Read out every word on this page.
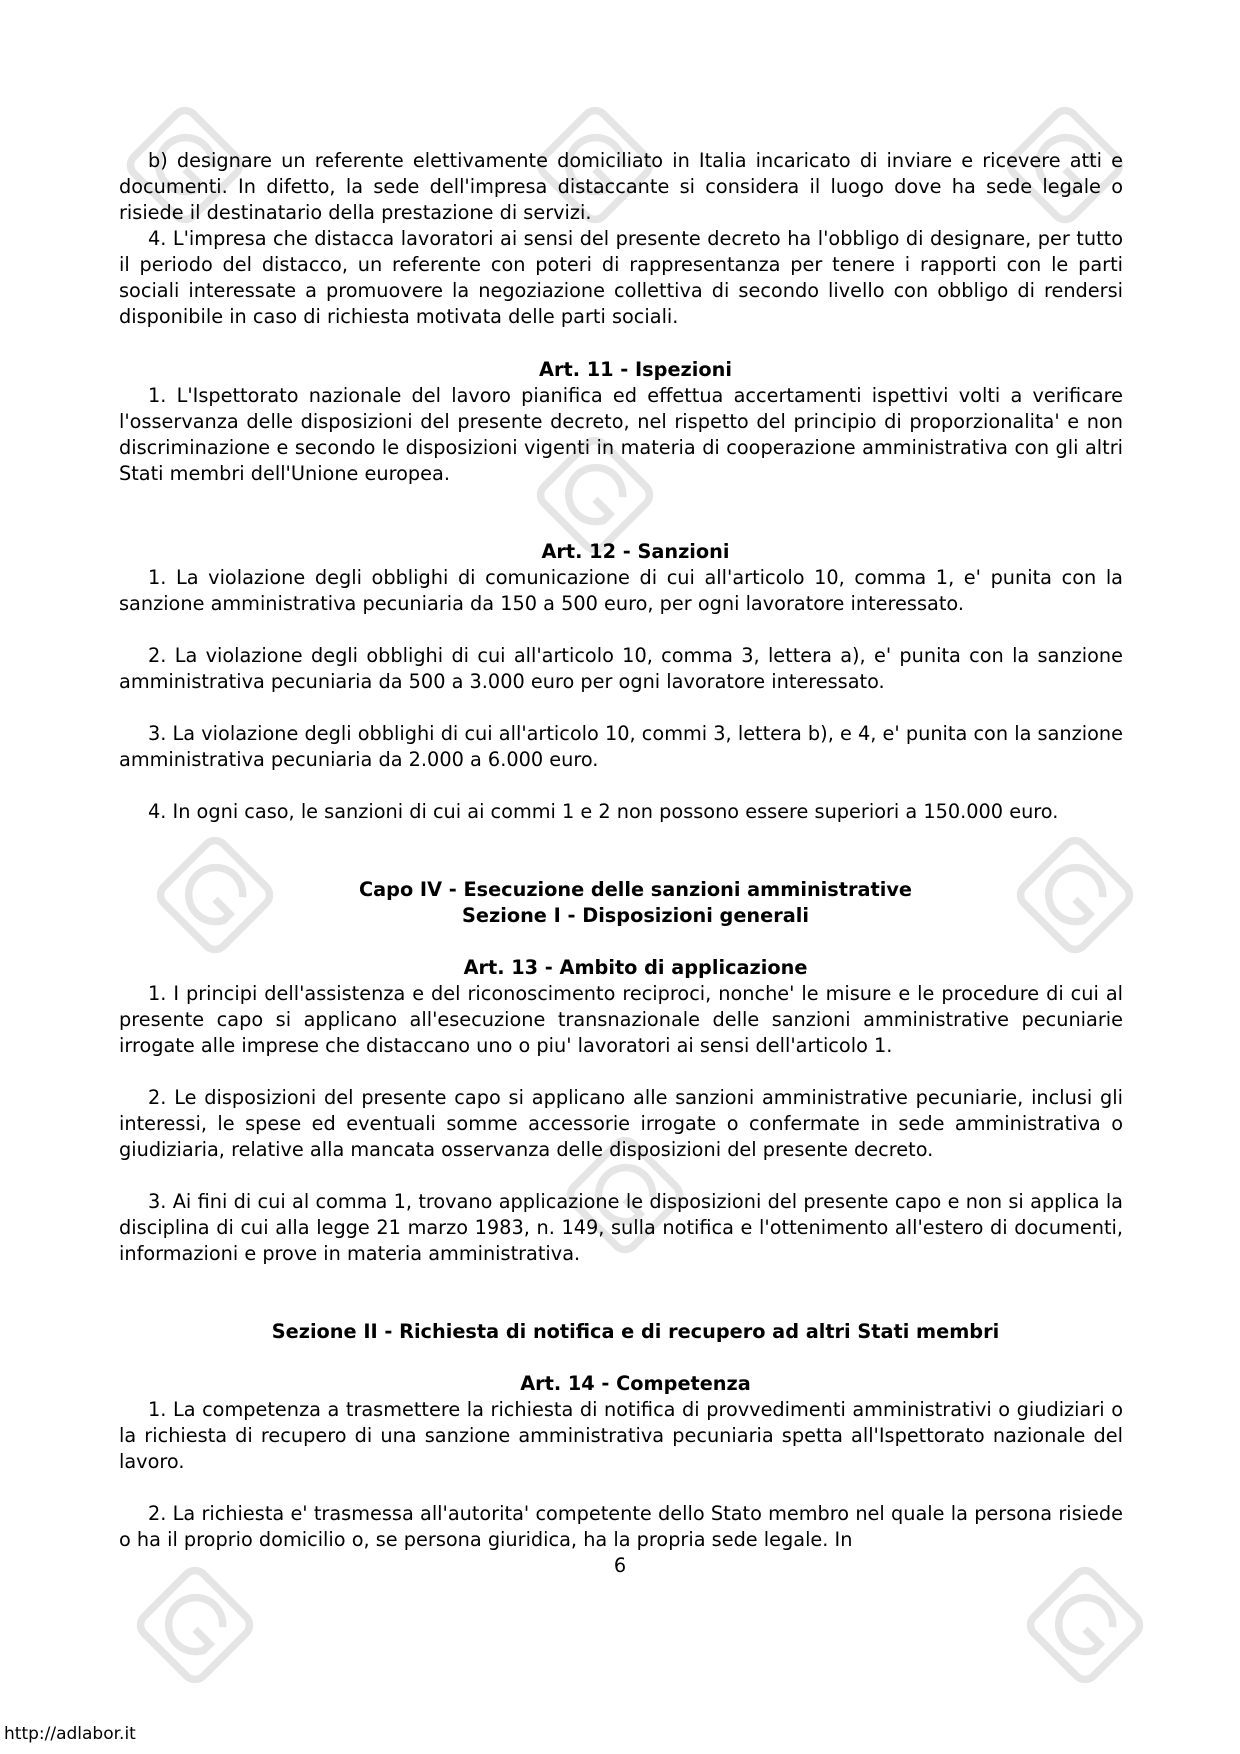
b) designare un referente elettivamente domiciliato in Italia incaricato di inviare e ricevere atti e documenti. In difetto, la sede dell'impresa distaccante si considera il luogo dove ha sede legale o risiede il destinatario della prestazione di servizi.

4. L'impresa che distacca lavoratori ai sensi del presente decreto ha l'obbligo di designare, per tutto il periodo del distacco, un referente con poteri di rappresentanza per tenere i rapporti con le parti sociali interessate a promuovere la negoziazione collettiva di secondo livello con obbligo di rendersi disponibile in caso di richiesta motivata delle parti sociali.

Art. 11 - Ispezioni

1. L'Ispettorato nazionale del lavoro pianifica ed effettua accertamenti ispettivi volti a verificare l'osservanza delle disposizioni del presente decreto, nel rispetto del principio di proporzionalita' e non discriminazione e secondo le disposizioni vigenti in materia di cooperazione amministrativa con gli altri Stati membri dell'Unione europea.

Art. 12 - Sanzioni

1. La violazione degli obblighi di comunicazione di cui all'articolo 10, comma 1, e' punita con la sanzione amministrativa pecuniaria da 150 a 500 euro, per ogni lavoratore interessato.

2. La violazione degli obblighi di cui all'articolo 10, comma 3, lettera a), e' punita con la sanzione amministrativa pecuniaria da 500 a 3.000 euro per ogni lavoratore interessato.

3. La violazione degli obblighi di cui all'articolo 10, commi 3, lettera b), e 4, e' punita con la sanzione amministrativa pecuniaria da 2.000 a 6.000 euro.

4. In ogni caso, le sanzioni di cui ai commi 1 e 2 non possono essere superiori a 150.000 euro.

Capo IV - Esecuzione delle sanzioni amministrative

Sezione I - Disposizioni generali

Art. 13 - Ambito di applicazione

1. I principi dell'assistenza e del riconoscimento reciproci, nonche' le misure e le procedure di cui al presente capo si applicano all'esecuzione transnazionale delle sanzioni amministrative pecuniarie irrogate alle imprese che distaccano uno o piu' lavoratori ai sensi dell'articolo 1.

2. Le disposizioni del presente capo si applicano alle sanzioni amministrative pecuniarie, inclusi gli interessi, le spese ed eventuali somme accessorie irrogate o confermate in sede amministrativa o giudiziaria, relative alla mancata osservanza delle disposizioni del presente decreto.

3. Ai fini di cui al comma 1, trovano applicazione le disposizioni del presente capo e non si applica la disciplina di cui alla legge 21 marzo 1983, n. 149, sulla notifica e l'ottenimento all'estero di documenti, informazioni e prove in materia amministrativa.

Sezione II - Richiesta di notifica e di recupero ad altri Stati membri

Art. 14 - Competenza

1. La competenza a trasmettere la richiesta di notifica di provvedimenti amministrativi o giudiziari o la richiesta di recupero di una sanzione amministrativa pecuniaria spetta all'Ispettorato nazionale del lavoro.

2. La richiesta e' trasmessa all'autorita' competente dello Stato membro nel quale la persona risiede o ha il proprio domicilio o, se persona giuridica, ha la propria sede legale. In

6
http://adlabor.it
